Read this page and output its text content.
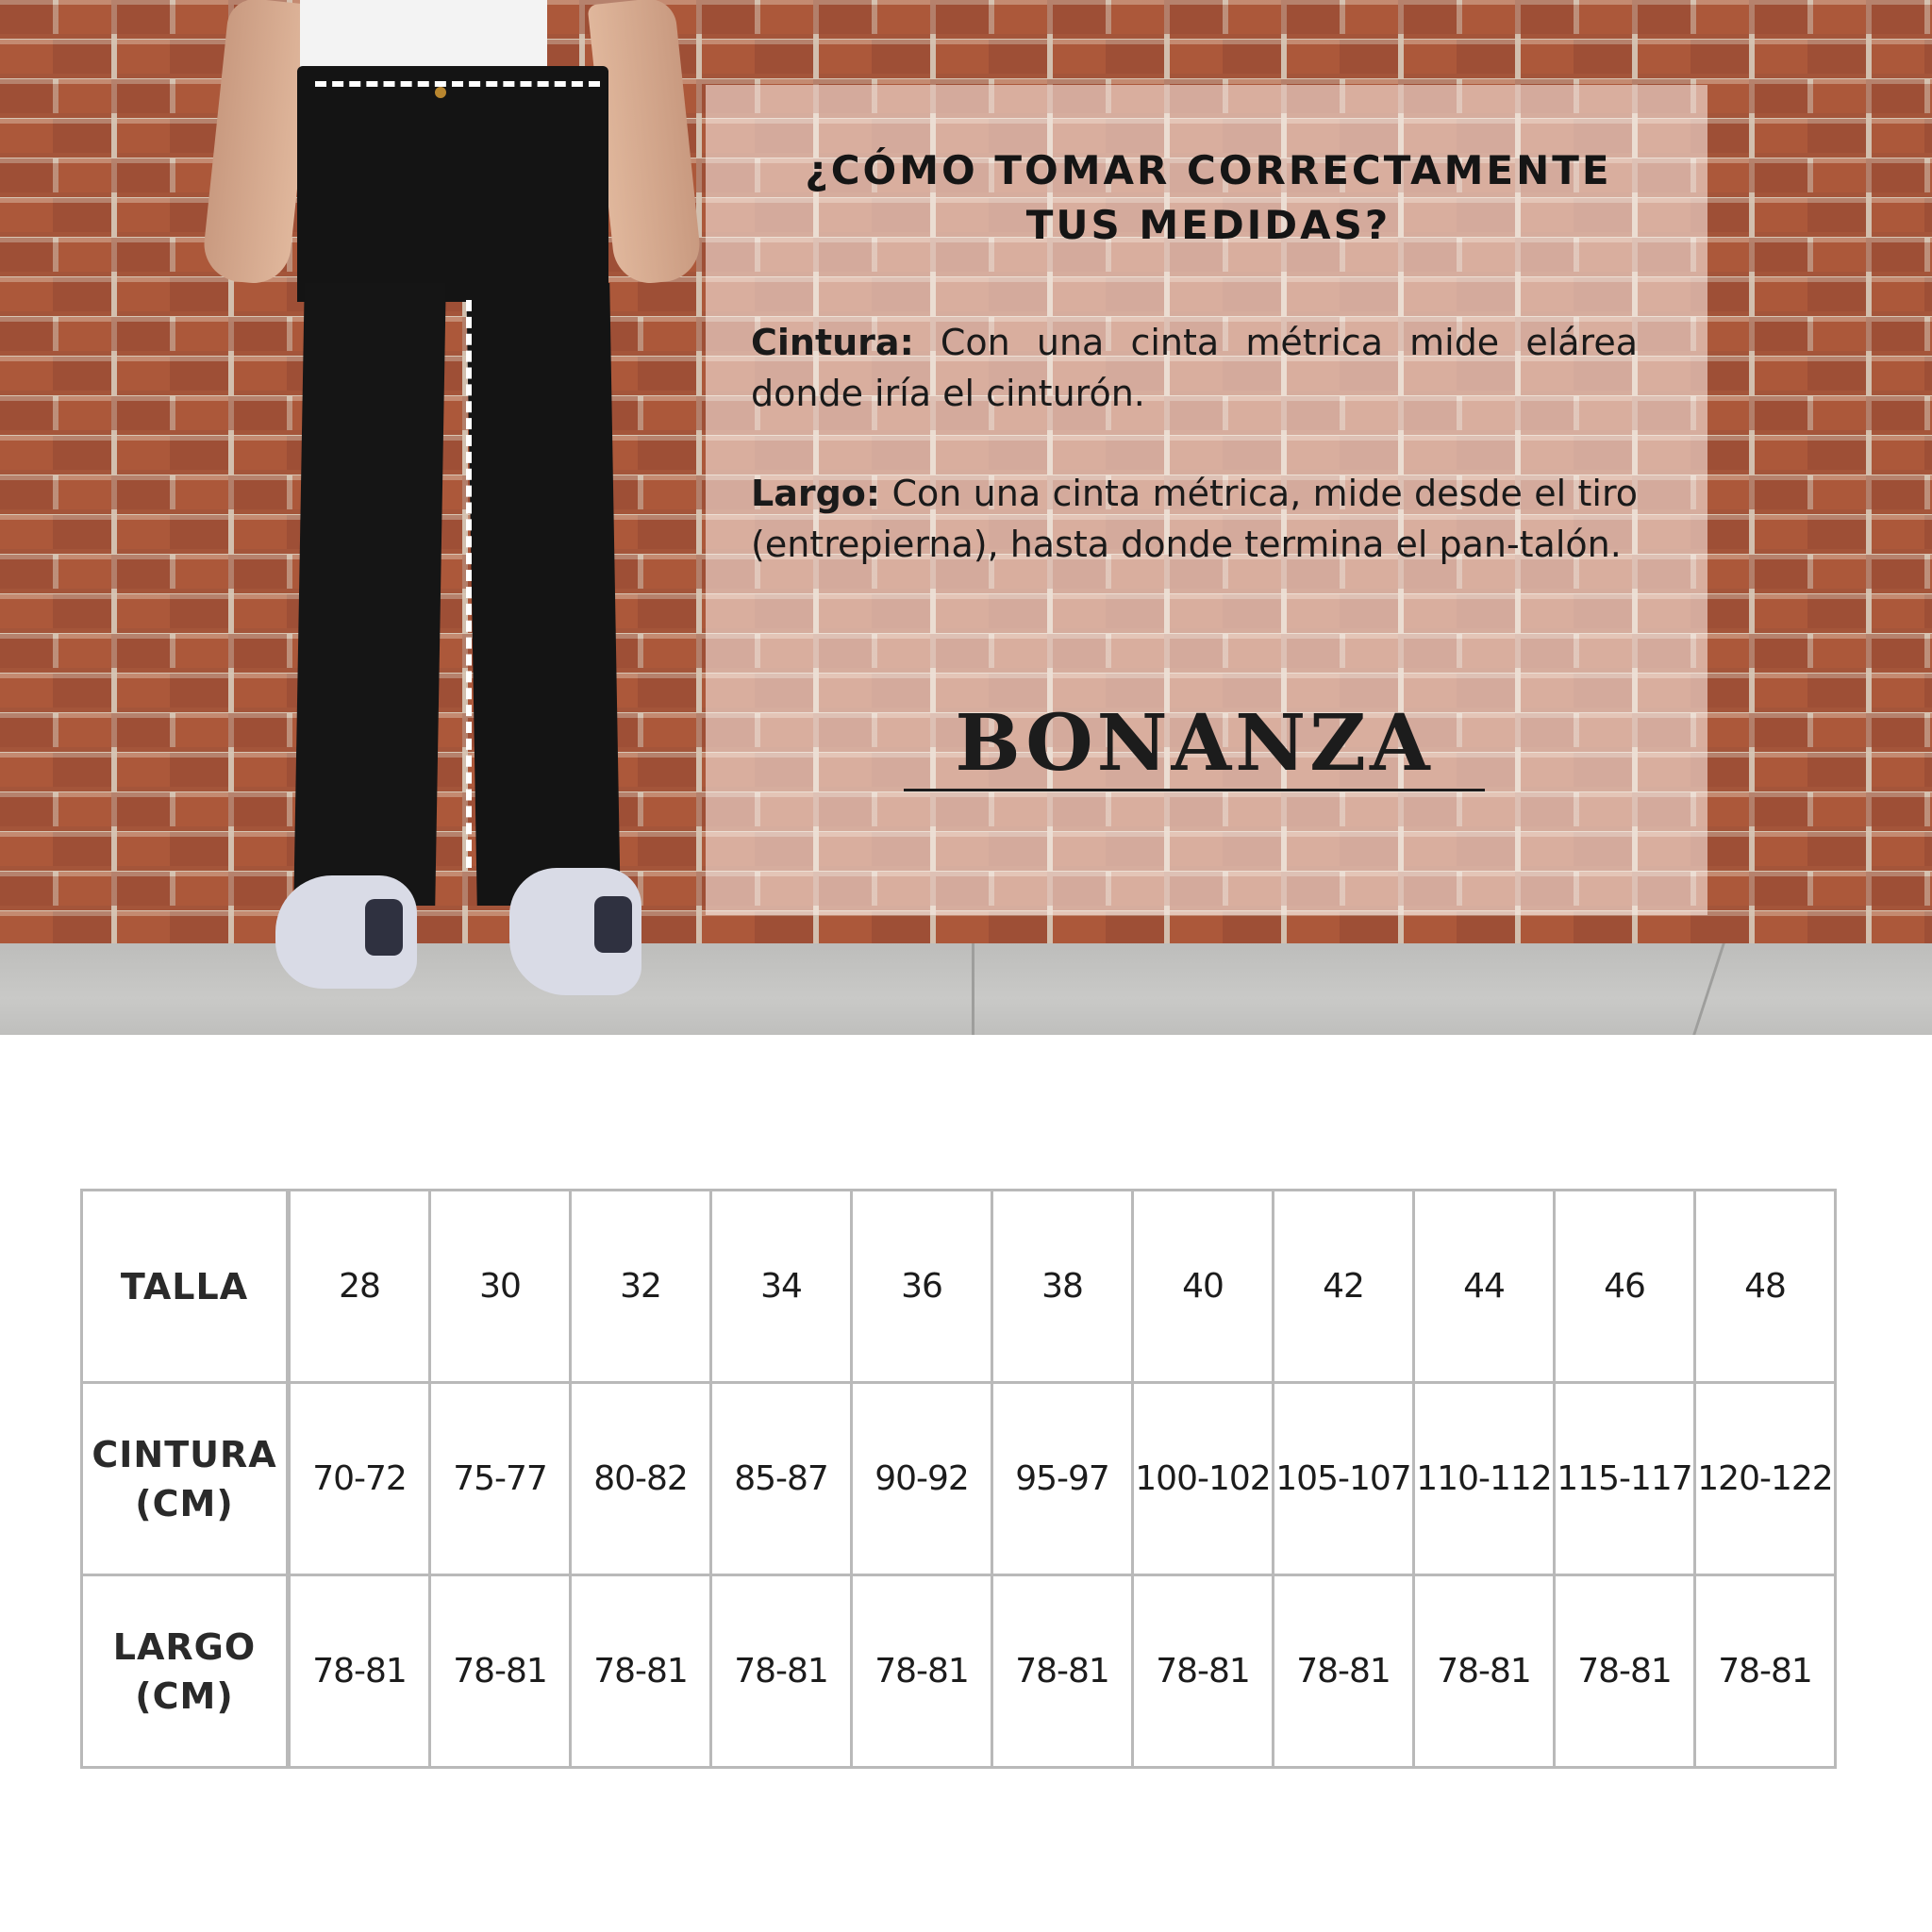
¿CÓMO TOMAR CORRECTAMENTE
TUS MEDIDAS?
Cintura: Con una cinta métrica mide elárea donde iría el cinturón.
Largo: Con una cinta métrica, mide desde el tiro (entrepierna), hasta donde termina el pan-talón.
BONANZA
TALLA	28	30	32	34	36	38	40	42	44	46	48

CINTURA
(CM)	70-72	75-77	80-82	85-87	90-92	95-97	100-102	105-107	110-112	115-117	120-122

LARGO
(CM)	78-81	78-81	78-81	78-81	78-81	78-81	78-81	78-81	78-81	78-81	78-81
